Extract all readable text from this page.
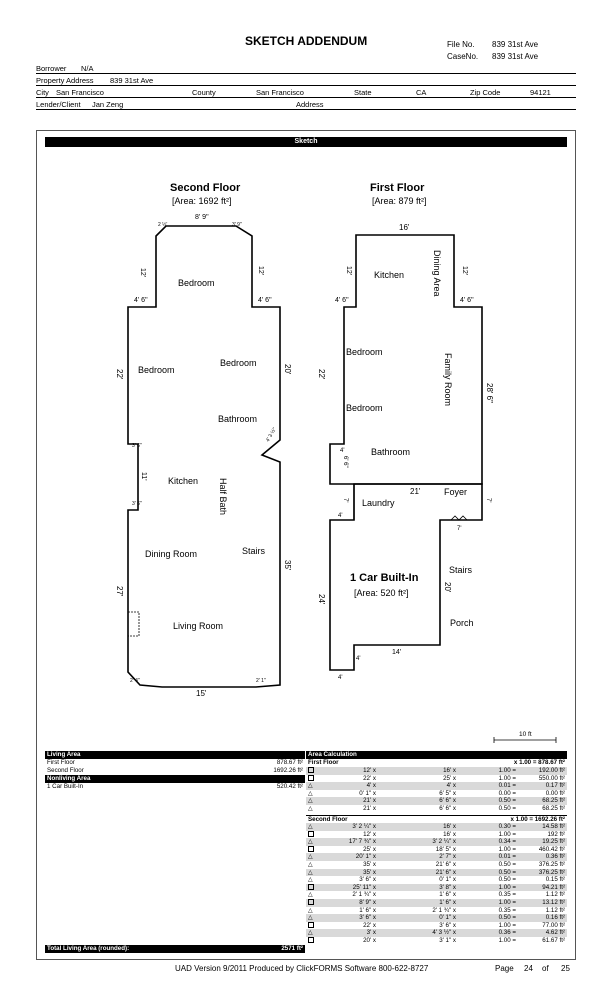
SKETCH ADDENDUM	File No. 839 31st Ave
CaseNo. 839 31st Ave
Borrower N/A
Property Address 839 31st Ave
City San Francisco	County	San Francisco	State	CA	Zip Code	94121
Lender/Client Jan Zeng	Address
Sketch
Second Floor
[Area: 1692 ft²]
First Floor
[Area: 879 ft²]
Bedroom
Bedroom
Bedroom
Bathroom
Kitchen Half Bath
Dining Room	Stairs
Living Room
8' 9"
12'	12'
4' 6"	4' 6"
22'	20'
11'
35'
27'
15'
2 ½'	3' 9"
3' 6"
3' 6"
2' 4"	2' 1"
4' 3 ½"
Kitchen	Dining Area
Bedroom
Family Room
Bedroom
Bathroom
Laundry
Foyer
16'
12'	12'
4' 6"	4' 6"
22'
28' 6"
4'
6' 6"
7'
4'
21'
7'
7'
1 Car Built-In
[Area: 520 ft²]
Stairs
Porch
24'
20'
14'
4'
4'
10 ft
Living Area
First Floor	878.67 ft²
Second Floor	1692.26 ft²
Nonliving Area
1 Car Built-In	520.42 ft²
Total Living Area (rounded):	2571 ft²
Area Calculation
First Floor	x 1.00 = 878.67 ft²
12' x	16' x	1.00 =	192.00 ft²
22' x	25' x	1.00 =	550.00 ft²
△	4' x	4' x	0.01 =	0.17 ft²
△	0' 1" x	6' 5" x	0.00 =	0.00 ft²
△	21' x	6' 6" x	0.50 =	68.25 ft²
△	21' x	6' 6" x	0.50 =	68.25 ft²
Second Floor	x 1.00 = 1692.26 ft²
△	3' 2 ¼" x	16' x	0.30 =	14.58 ft²
12' x	16' x	1.00 =	192 ft²
△	17' 7 ¾" x	3' 2 ¼" x	0.34 =	19.25 ft²
25' x	18' 5" x	1.00 =	460.42 ft²
△	20' 1" x	2' 7" x	0.01 =	0.36 ft²
△	35' x	21' 6" x	0.50 =	376.25 ft²
△	35' x	21' 6" x	0.50 =	376.25 ft²
△	3' 6" x	0' 1" x	0.50 =	0.15 ft²
25' 11" x	3' 8" x	1.00 =	94.21 ft²
△	2' 1 ¾" x	1' 6" x	0.35 =	1.12 ft²
8' 9" x	1' 6" x	1.00 =	13.12 ft²
△	1' 6" x	2' 1 ¾" x	0.35 =	1.12 ft²
△	3' 6" x	0' 1" x	0.50 =	0.16 ft²
22' x	3' 6" x	1.00 =	77.00 ft²
△	3' x	4' 3 ½" x	0.36 =	4.62 ft²
20' x	3' 1" x	1.00 =	61.67 ft²
UAD Version 9/2011 Produced by ClickFORMS Software 800-622-8727	Page 24 of 25
